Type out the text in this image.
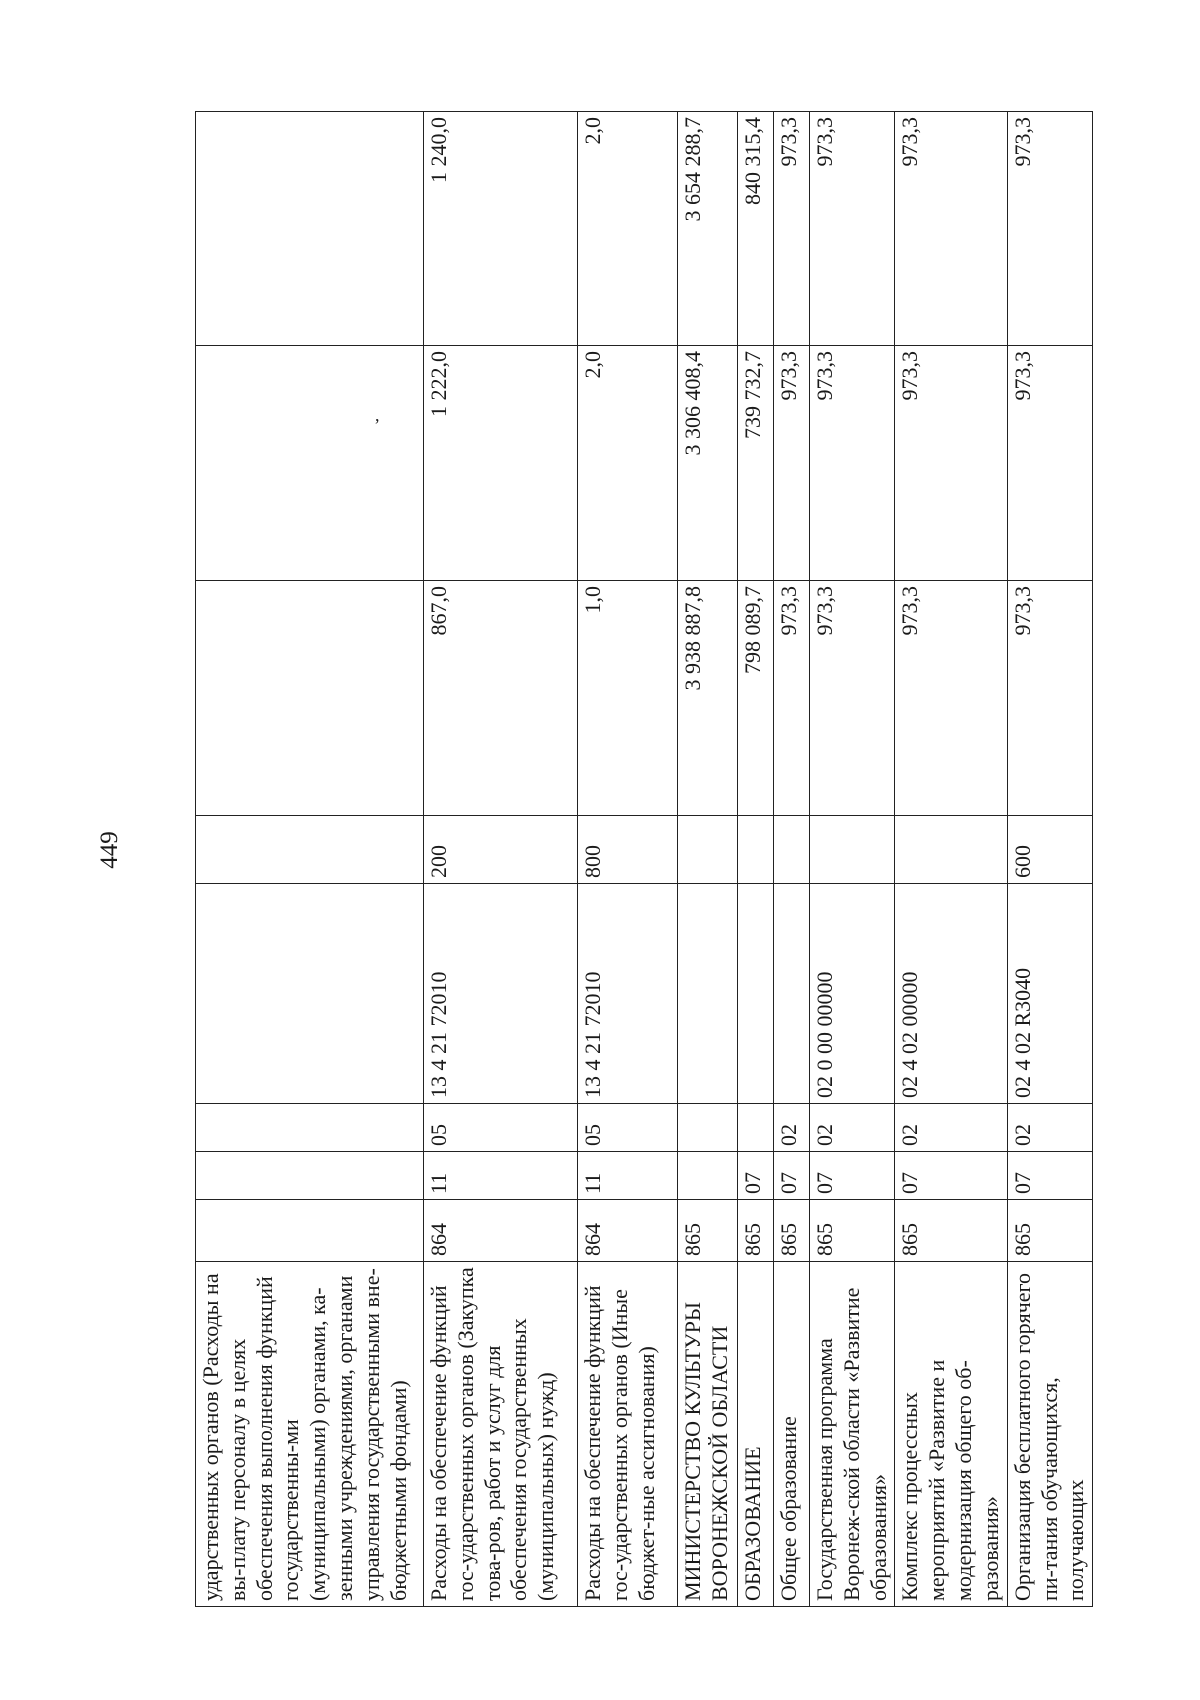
449
,
ударственных органов (Расходы на вы-плату персоналу в целях обеспечения выполнения функций государственны-ми (муниципальными) органами, ка-зенными учреждениями, органами управления государственными вне-бюджетными фондами)								
Расходы на обеспечение функций гос-ударственных органов (Закупка това-ров, работ и услуг для обеспечения государственных (муниципальных) нужд)	864	11	05	13 4 21 72010	200	867,0	1 222,0	1 240,0
Расходы на обеспечение функций гос-ударственных органов (Иные бюджет-ные ассигнования)	864	11	05	13 4 21 72010	800	1,0	2,0	2,0
МИНИСТЕРСТВО КУЛЬТУРЫ ВОРОНЕЖСКОЙ ОБЛАСТИ	865					3 938 887,8	3 306 408,4	3 654 288,7
ОБРАЗОВАНИЕ	865	07				798 089,7	739 732,7	840 315,4
Общее образование	865	07	02			973,3	973,3	973,3
Государственная программа Воронеж-ской области «Развитие образования»	865	07	02	02 0 00 00000		973,3	973,3	973,3
Комплекс процессных мероприятий «Развитие и модернизация общего об-разования»	865	07	02	02 4 02 00000		973,3	973,3	973,3
Организация бесплатного горячего пи-тания обучающихся, получающих	865	07	02	02 4 02 R3040	600	973,3	973,3	973,3
